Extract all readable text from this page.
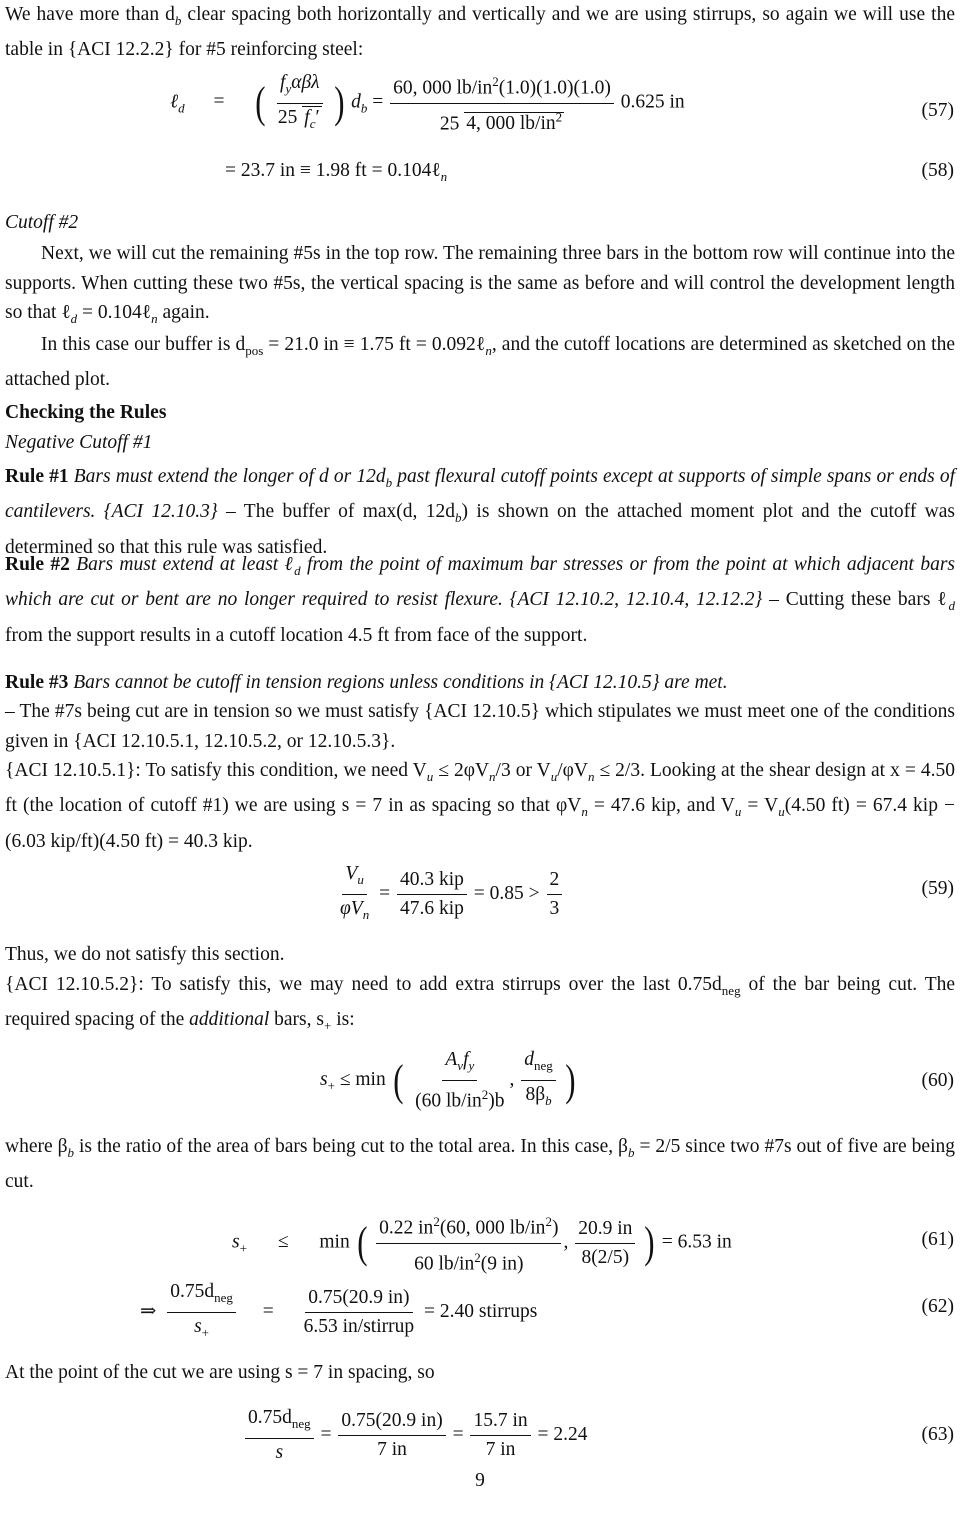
We have more than $d_b$ clear spacing both horizontally and vertically and we are using stirrups, so again we will use the table in {ACI 12.2.2} for #5 reinforcing steel:
ℓ$_d$ = ( $\frac{f_y\alpha\beta\lambda}{25 f_c'}$ ) $d_b = \frac{60, 000 lb/in^2(1.0)(1.0)(1.0)}{25 4, 000 lb/in^2} 0.625$ in	(57)
= 23.7 in ≡ 1.98 ft = 0.104ℓ$_n$	(58)
Cutoff #2
Next, we will cut the remaining #5s in the top row. The remaining three bars in the bottom row will continue into the supports. When cutting these two #5s, the vertical spacing is the same as before and will control the development length so that ℓ$_d$ = 0.104ℓ$_n$ again.
In this case our buffer is $d_{pos} = 21.0$ in ≡ 1.75 ft = 0.092ℓ$_n$, and the cutoff locations are determined as sketched on the attached plot.
Checking the Rules
Negative Cutoff #1
Rule #1 Bars must extend the longer of d or $12d_b$ past flexural cutoff points except at supports of simple spans or ends of cantilevers. {ACI 12.10.3} – The buffer of max(d, $12d_b$) is shown on the attached moment plot and the cutoff was determined so that this rule was satisfied.
Rule #2 Bars must extend at least ℓ$_d$ from the point of maximum bar stresses or from the point at which adjacent bars which are cut or bent are no longer required to resist flexure. {ACI 12.10.2, 12.10.4, 12.12.2} – Cutting these bars ℓ$_d$ from the support results in a cutoff location 4.5 ft from face of the support.
Rule #3 Bars cannot be cutoff in tension regions unless conditions in {ACI 12.10.5} are met.
– The #7s being cut are in tension so we must satisfy {ACI 12.10.5} which stipulates we must meet one of the conditions given in {ACI 12.10.5.1, 12.10.5.2, or 12.10.5.3}.
{ACI 12.10.5.1}: To satisfy this condition, we need $V_u \le 2\varphi V_n/3$ or $V_u/\varphi V_n \le 2/3$. Looking at the shear design at x = 4.50 ft (the location of cutoff #1) we are using s = 7 in as spacing so that $\varphi V_n = 47.6$ kip, and $V_u = V_u(4.50$ ft) = 67.4 kip − (6.03 kip/ft)(4.50 ft) = 40.3 kip.
$\frac{V_u}{\varphi V_n} = \frac{\text{40.3 kip}}{\text{47.6 kip}} = 0.85 > \frac{2}{3}$	(59)
Thus, we do not satisfy this section.
{ACI 12.10.5.2}: To satisfy this, we may need to add extra stirrups over the last $0.75d_{neg}$ of the bar being cut. The required spacing of the additional bars, $s_+$ is:
$s_+ \le \min$ ( $\frac{A_vf_y}{(60 lb/in^2)b}$ , $\frac{d_{neg}}{8\beta_b}$ )	(60)
where $\beta_b$ is the ratio of the area of bars being cut to the total area. In this case, $\beta_b = 2/5$ since two #7s out of five are being cut.
$s_+ \le \min$ ( $\frac{0.22 in^2(60, 000 lb/in^2)}{60 lb/in^2(9 in)}$ , $\frac{20.9 in}{8(2/5)}$ ) = 6.53 in	(61)
⇒ $\frac{0.75d_{neg}}{s_+} = \frac{0.75(20.9 in)}{\text{6.53 in/stirrup}} = 2.40$ stirrups	(62)
At the point of the cut we are using s = 7 in spacing, so
$\frac{0.75d_{neg}}{s} = \frac{0.75(20.9 in)}{7 in} = \frac{15.7 in}{7 in} = 2.24$	(63)
9
